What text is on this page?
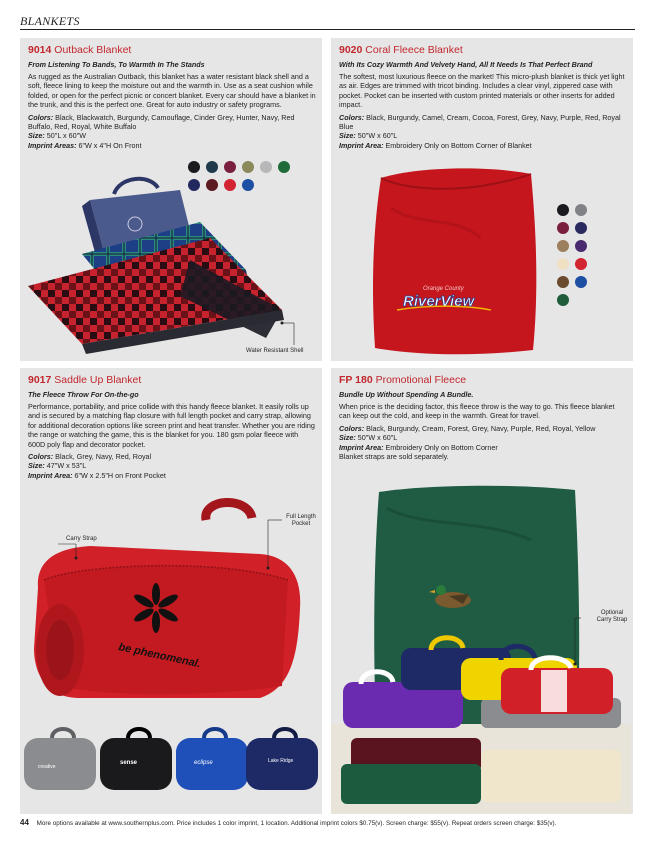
BLANKETS
9014 Outback Blanket
From Listening To Bands, To Warmth In The Stands

As rugged as the Australian Outback, this blanket has a water resistant black shell and a soft, fleece lining to keep the moisture out and the warmth in. Use as a seat cushion while folded, or open for the perfect picnic or concert blanket. Every car should have a blanket in the trunk, and this is the perfect one. Great for auto industry or safety programs.

Colors: Black, Blackwatch, Burgundy, Camouflage, Cinder Grey, Hunter, Navy, Red Buffalo, Red, Royal, White Buffalo

Size: 50"L x 60"W

Imprint Areas: 6"W x 4"H On Front

Water Resistant Shell
9020 Coral Fleece Blanket
With Its Cozy Warmth And Velvety Hand, All It Needs Is That Perfect Brand

The softest, most luxurious fleece on the market! This micro-plush blanket is thick yet light as air. Edges are trimmed with tricot binding. Includes a clear vinyl, zippered case with pocket. Pocket can be inserted with custom printed materials or other inserts for added impact.

Colors: Black, Burgundy, Camel, Cream, Cocoa, Forest, Grey, Navy, Purple, Red, Royal Blue

Size: 50"W x 60"L

Imprint Area: Embroidery Only on Bottom Corner of Blanket

Orange County
RiverView
9017 Saddle Up Blanket
The Fleece Throw For On-the-go

Performance, portability, and price collide with this handy fleece blanket. It easily rolls up and is secured by a matching flap closure with full length pocket and carry strap, allowing for additional decoration options like screen print and heat transfer. Whether you are riding the range or watching the game, this is the blanket for you. 180 gsm polar fleece with 600D poly flap and decorator pocket.

Colors: Black, Grey, Navy, Red, Royal

Size: 47"W x 53"L

Imprint Area: 6"W x 2.5"H on Front Pocket

be phenomenal.
creative
sense	eclipse	Lake Ridge
Carry Strap
Full Length Pocket
FP 180 Promotional Fleece
Bundle Up Without Spending A Bundle.

When price is the deciding factor, this fleece throw is the way to go. This fleece blanket can keep out the cold, and keep in the warmth. Great for travel.

Colors: Black, Burgundy, Cream, Forest, Grey, Navy, Purple, Red, Royal, Yellow

Size: 50"W x 60"L

Imprint Area: Embroidery Only on Bottom Corner

Blanket straps are sold separately.

Optional Carry Strap
44 More options available at www.southernplus.com. Price includes 1 color imprint, 1 location. Additional imprint colors $0.75(v). Screen charge: $55(v). Repeat orders screen charge: $35(v).
